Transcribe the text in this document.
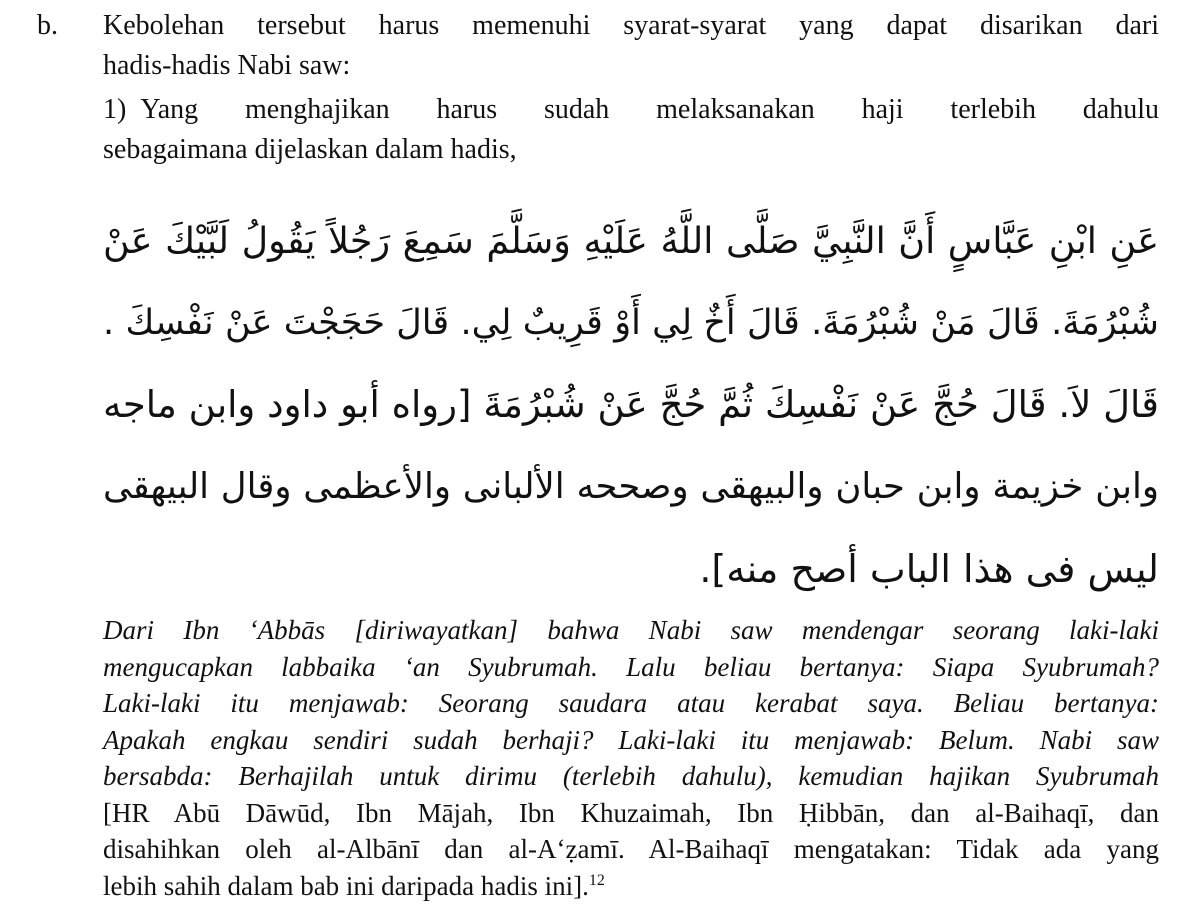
b. Kebolehan tersebut harus memenuhi syarat-syarat yang dapat disarikan dari
hadis-hadis Nabi saw:
1) Yang menghajikan harus sudah melaksanakan haji terlebih dahulu
sebagaimana dijelaskan dalam hadis,
عَنِ ابْنِ عَبَّاسٍ أَنَّ النَّبِيَّ صَلَّى اللَّهُ عَلَيْهِ وَسَلَّمَ سَمِعَ رَجُلاً يَقُولُ لَبَّيْكَ عَنْ
شُبْرُمَةَ. قَالَ مَنْ شُبْرُمَةَ. قَالَ أَخٌ لِي أَوْ قَرِيبٌ لِي. قَالَ حَجَجْتَ عَنْ نَفْسِكَ .
قَالَ لاَ. قَالَ حُجَّ عَنْ نَفْسِكَ ثُمَّ حُجَّ عَنْ شُبْرُمَةَ [رواه أبو داود وابن ماجه
وابن خزيمة وابن حبان والبيهقى وصححه الألبانى والأعظمى وقال البيهقى
ليس فى هذا الباب أصح منه].
Dari Ibn ‘Abbās [diriwayatkan] bahwa Nabi saw mendengar seorang laki-laki
mengucapkan labbaika ‘an Syubrumah. Lalu beliau bertanya: Siapa Syubrumah?
Laki-laki itu menjawab: Seorang saudara atau kerabat saya. Beliau bertanya:
Apakah engkau sendiri sudah berhaji? Laki-laki itu menjawab: Belum. Nabi saw
bersabda: Berhajilah untuk dirimu (terlebih dahulu), kemudian hajikan Syubrumah
[HR Abū Dāwūd, Ibn Mājah, Ibn Khuzaimah, Ibn Ḥibbān, dan al-Baihaqī, dan
disahihkan oleh al-Albānī dan al-A‘ẓamī. Al-Baihaqī mengatakan: Tidak ada yang
lebih sahih dalam bab ini daripada hadis ini].$^{12}$
